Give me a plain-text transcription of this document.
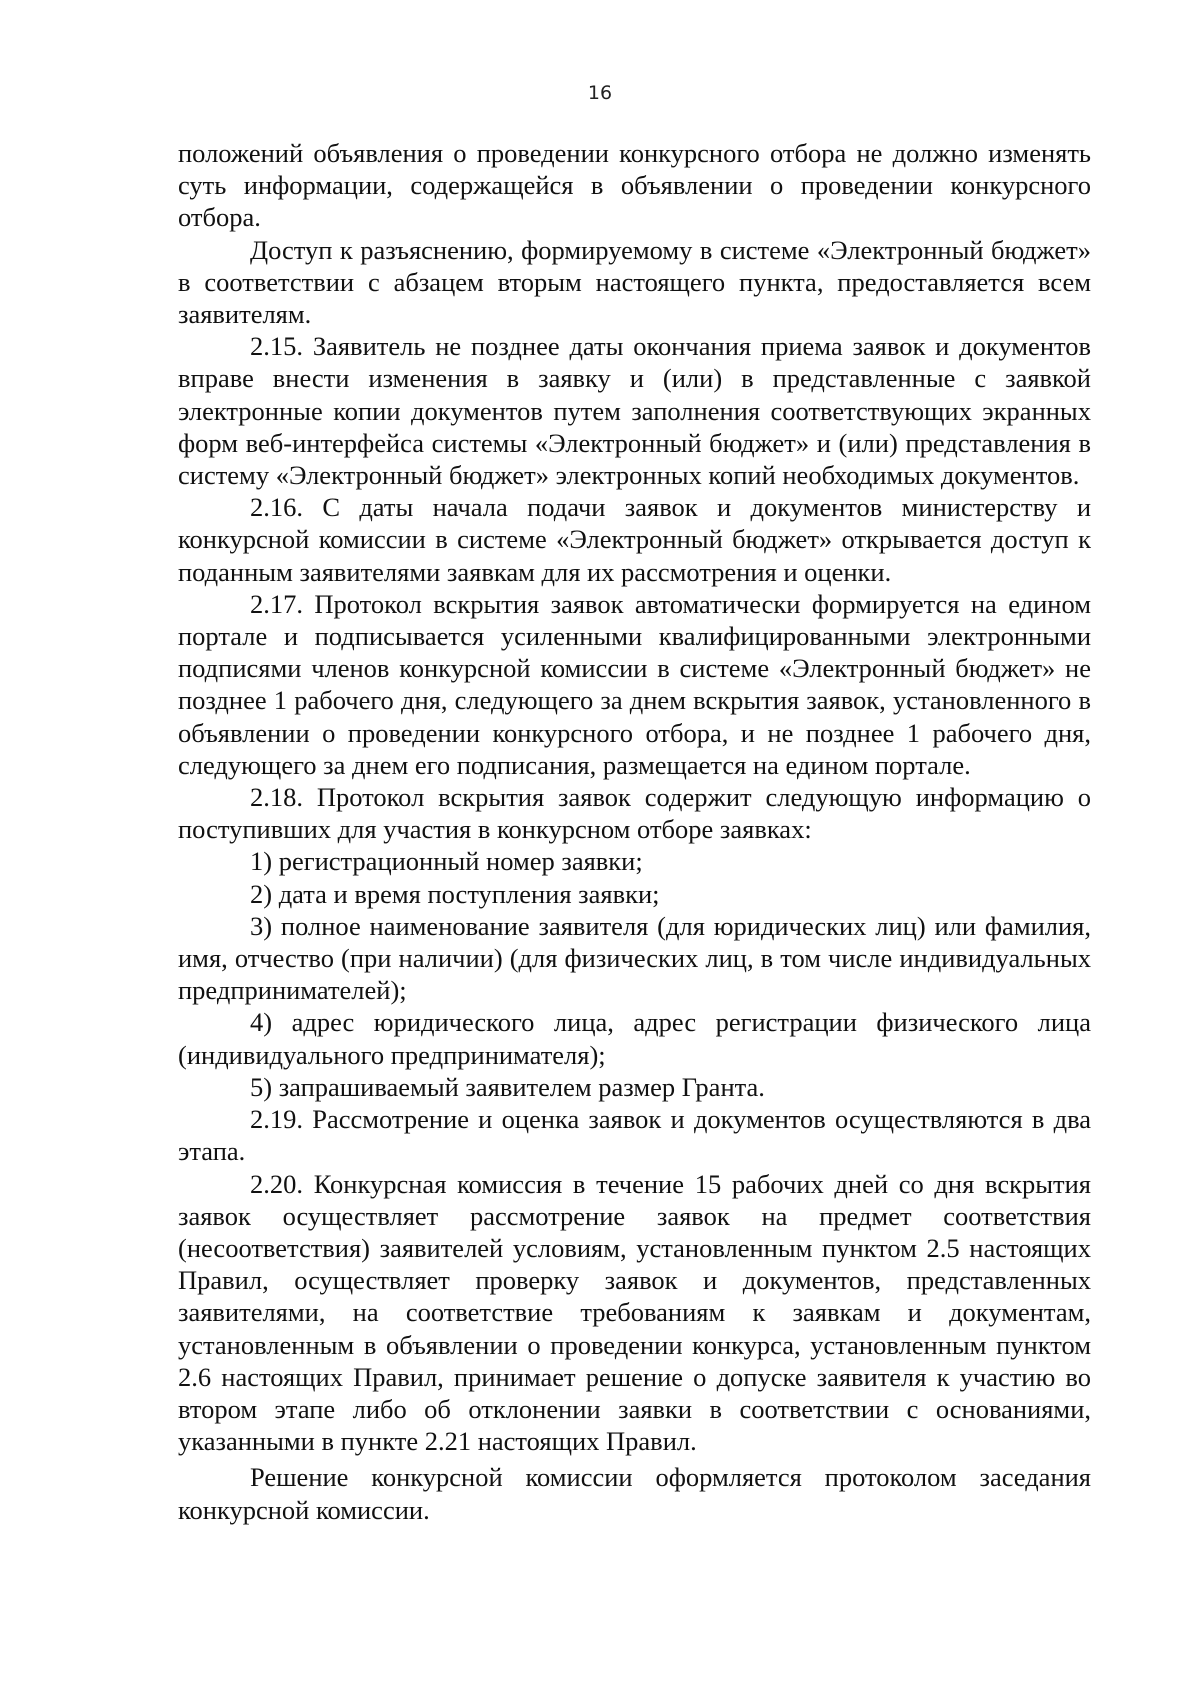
16

положений объявления о проведении конкурсного отбора не должно изменять суть информации, содержащейся в объявлении о проведении конкурсного отбора.

Доступ к разъяснению, формируемому в системе «Электронный бюджет» в соответствии с абзацем вторым настоящего пункта, предоставляется всем заявителям.

2.15. Заявитель не позднее даты окончания приема заявок и документов вправе внести изменения в заявку и (или) в представленные с заявкой электронные копии документов путем заполнения соответствующих экранных форм веб-интерфейса системы «Электронный бюджет» и (или) представления в систему «Электронный бюджет» электронных копий необходимых документов.

2.16. С даты начала подачи заявок и документов министерству и конкурсной комиссии в системе «Электронный бюджет» открывается доступ к поданным заявителями заявкам для их рассмотрения и оценки.

2.17. Протокол вскрытия заявок автоматически формируется на едином портале и подписывается усиленными квалифицированными электронными подписями членов конкурсной комиссии в системе «Электронный бюджет» не позднее 1 рабочего дня, следующего за днем вскрытия заявок, установленного в объявлении о проведении конкурсного отбора, и не позднее 1 рабочего дня, следующего за днем его подписания, размещается на едином портале.

2.18. Протокол вскрытия заявок содержит следующую информацию о поступивших для участия в конкурсном отборе заявках:

1) регистрационный номер заявки;

2) дата и время поступления заявки;

3) полное наименование заявителя (для юридических лиц) или фамилия, имя, отчество (при наличии) (для физических лиц, в том числе индивидуальных предпринимателей);

4) адрес юридического лица, адрес регистрации физического лица (индивидуального предпринимателя);

5) запрашиваемый заявителем размер Гранта.

2.19. Рассмотрение и оценка заявок и документов осуществляются в два этапа.

2.20. Конкурсная комиссия в течение 15 рабочих дней со дня вскрытия заявок осуществляет рассмотрение заявок на предмет соответствия (несоответствия) заявителей условиям, установленным пунктом 2.5 настоящих Правил, осуществляет проверку заявок и документов, представленных заявителями, на соответствие требованиям к заявкам и документам, установленным в объявлении о проведении конкурса, установленным пунктом 2.6 настоящих Правил, принимает решение о допуске заявителя к участию во втором этапе либо об отклонении заявки в соответствии с основаниями, указанными в пункте 2.21 настоящих Правил.

Решение конкурсной комиссии оформляется протоколом заседания конкурсной комиссии.
